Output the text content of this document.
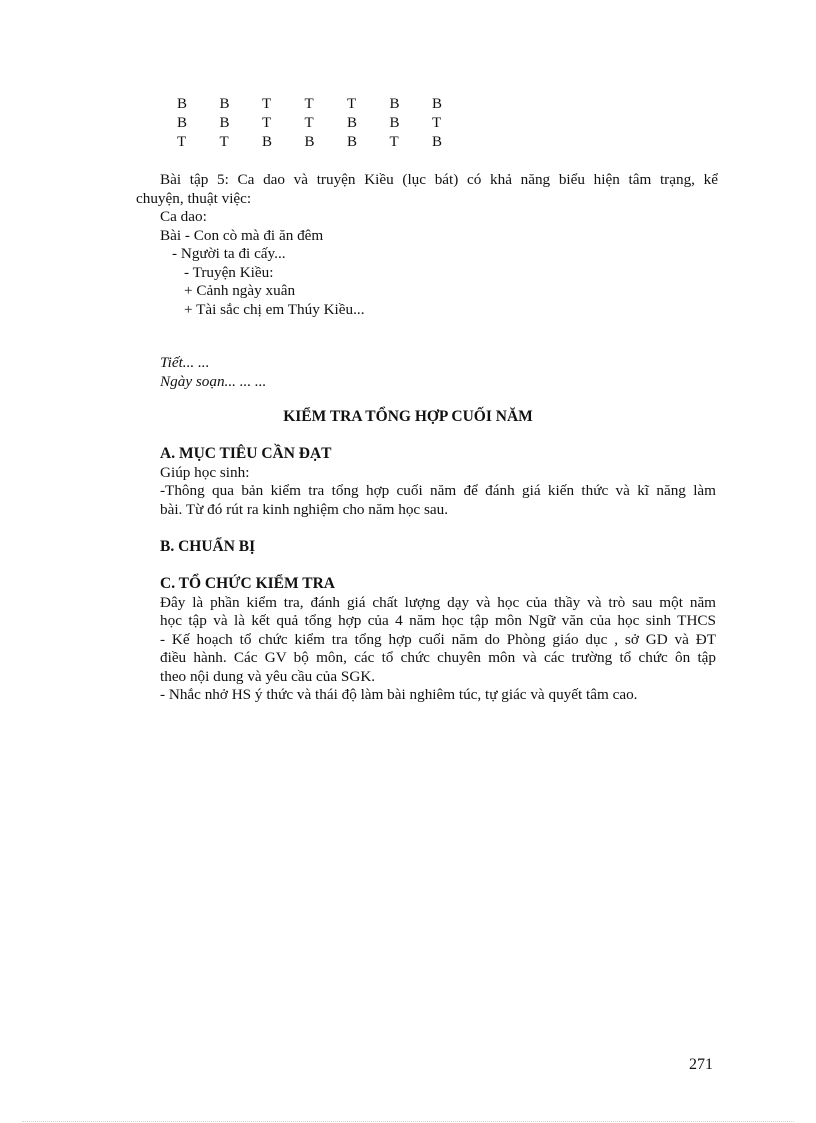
B	B	T	T	T	B	B
B	B	T	T	B	B	T
T	T	B	B	B	T	B
Bài tập 5: Ca dao và truyện Kiều (lục bát) có khả năng biểu hiện tâm trạng, kể
chuyện, thuật việc:
Ca dao:
Bài - Con cò mà đi ăn đêm
- Người ta đi cấy...
- Truyện Kiều:
+ Cảnh ngày xuân
+ Tài sắc chị em Thúy Kiều...
Tiết... ...
Ngày soạn... ... ...
KIỂM TRA TỔNG HỢP CUỐI NĂM
A. MỤC TIÊU CẦN ĐẠT
Giúp học sinh:
-Thông qua bản kiểm tra tổng hợp cuối năm để đánh giá kiến thức và kĩ năng làm
bài. Từ đó rút ra kinh nghiệm cho năm học sau.
B. CHUẨN BỊ
C. TỔ CHỨC KIỂM TRA
Đây là phần kiểm tra, đánh giá chất lượng dạy và học của thầy và trò sau một năm
học tập và là kết quả tổng hợp của 4 năm học tập môn Ngữ văn của học sinh THCS
- Kế hoạch tổ chức kiểm tra tổng hợp cuối năm do Phòng giáo dục , sở GD và ĐT
điều hành. Các GV bộ môn, các tổ chức chuyên môn và các trường tổ chức ôn tập
theo nội dung và yêu cầu của SGK.
- Nhắc nhở HS ý thức và thái độ làm bài nghiêm túc, tự giác và quyết tâm cao.
271
